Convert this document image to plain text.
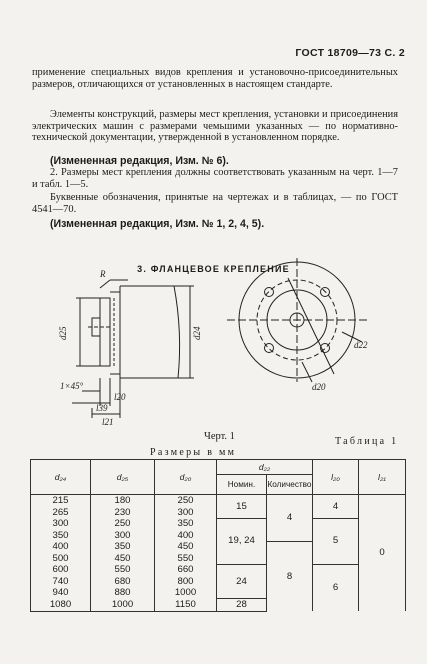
ГОСТ 18709—73 С. 2
применение специальных видов крепления и установочно-присоединительных размеров, отличающихся от установленных в настоящем стандарте.
Элементы конструкций, размеры мест крепления, установки и присоединения электрических машин с размерами чемьшими указанных — по нормативно-технической документации, утвержденной в установленном порядке.
(Измененная редакция, Изм. № 6).
2. Размеры мест крепления должны соответствовать указанным на черт. 1—7 и табл. 1—5.
Буквенные обозначения, принятые на чертежах и в таблицах, — по ГОСТ 4541—70.
(Измененная редакция, Изм. № 1, 2, 4, 5).
3. ФЛАНЦЕВОЕ КРЕПЛЕНИЕ
R
d25	d24
1×45°
l20
l39
l21
d22
d20
Черт. 1	Таблица 1
Размеры в мм
d₂₄	d₂₅	d₂₀	d₂₂		l₂₀	l₂₁
			Номин.	Количество		
215	180	250	15	4	4	0
265	230	300				
300	250	350	19, 24		5	
350	300	400				
400	350	450		8		
500	450	550				
600	550	660	24		6	
740	680	800				
940	880	1000				
1080	1000	1150	28			
